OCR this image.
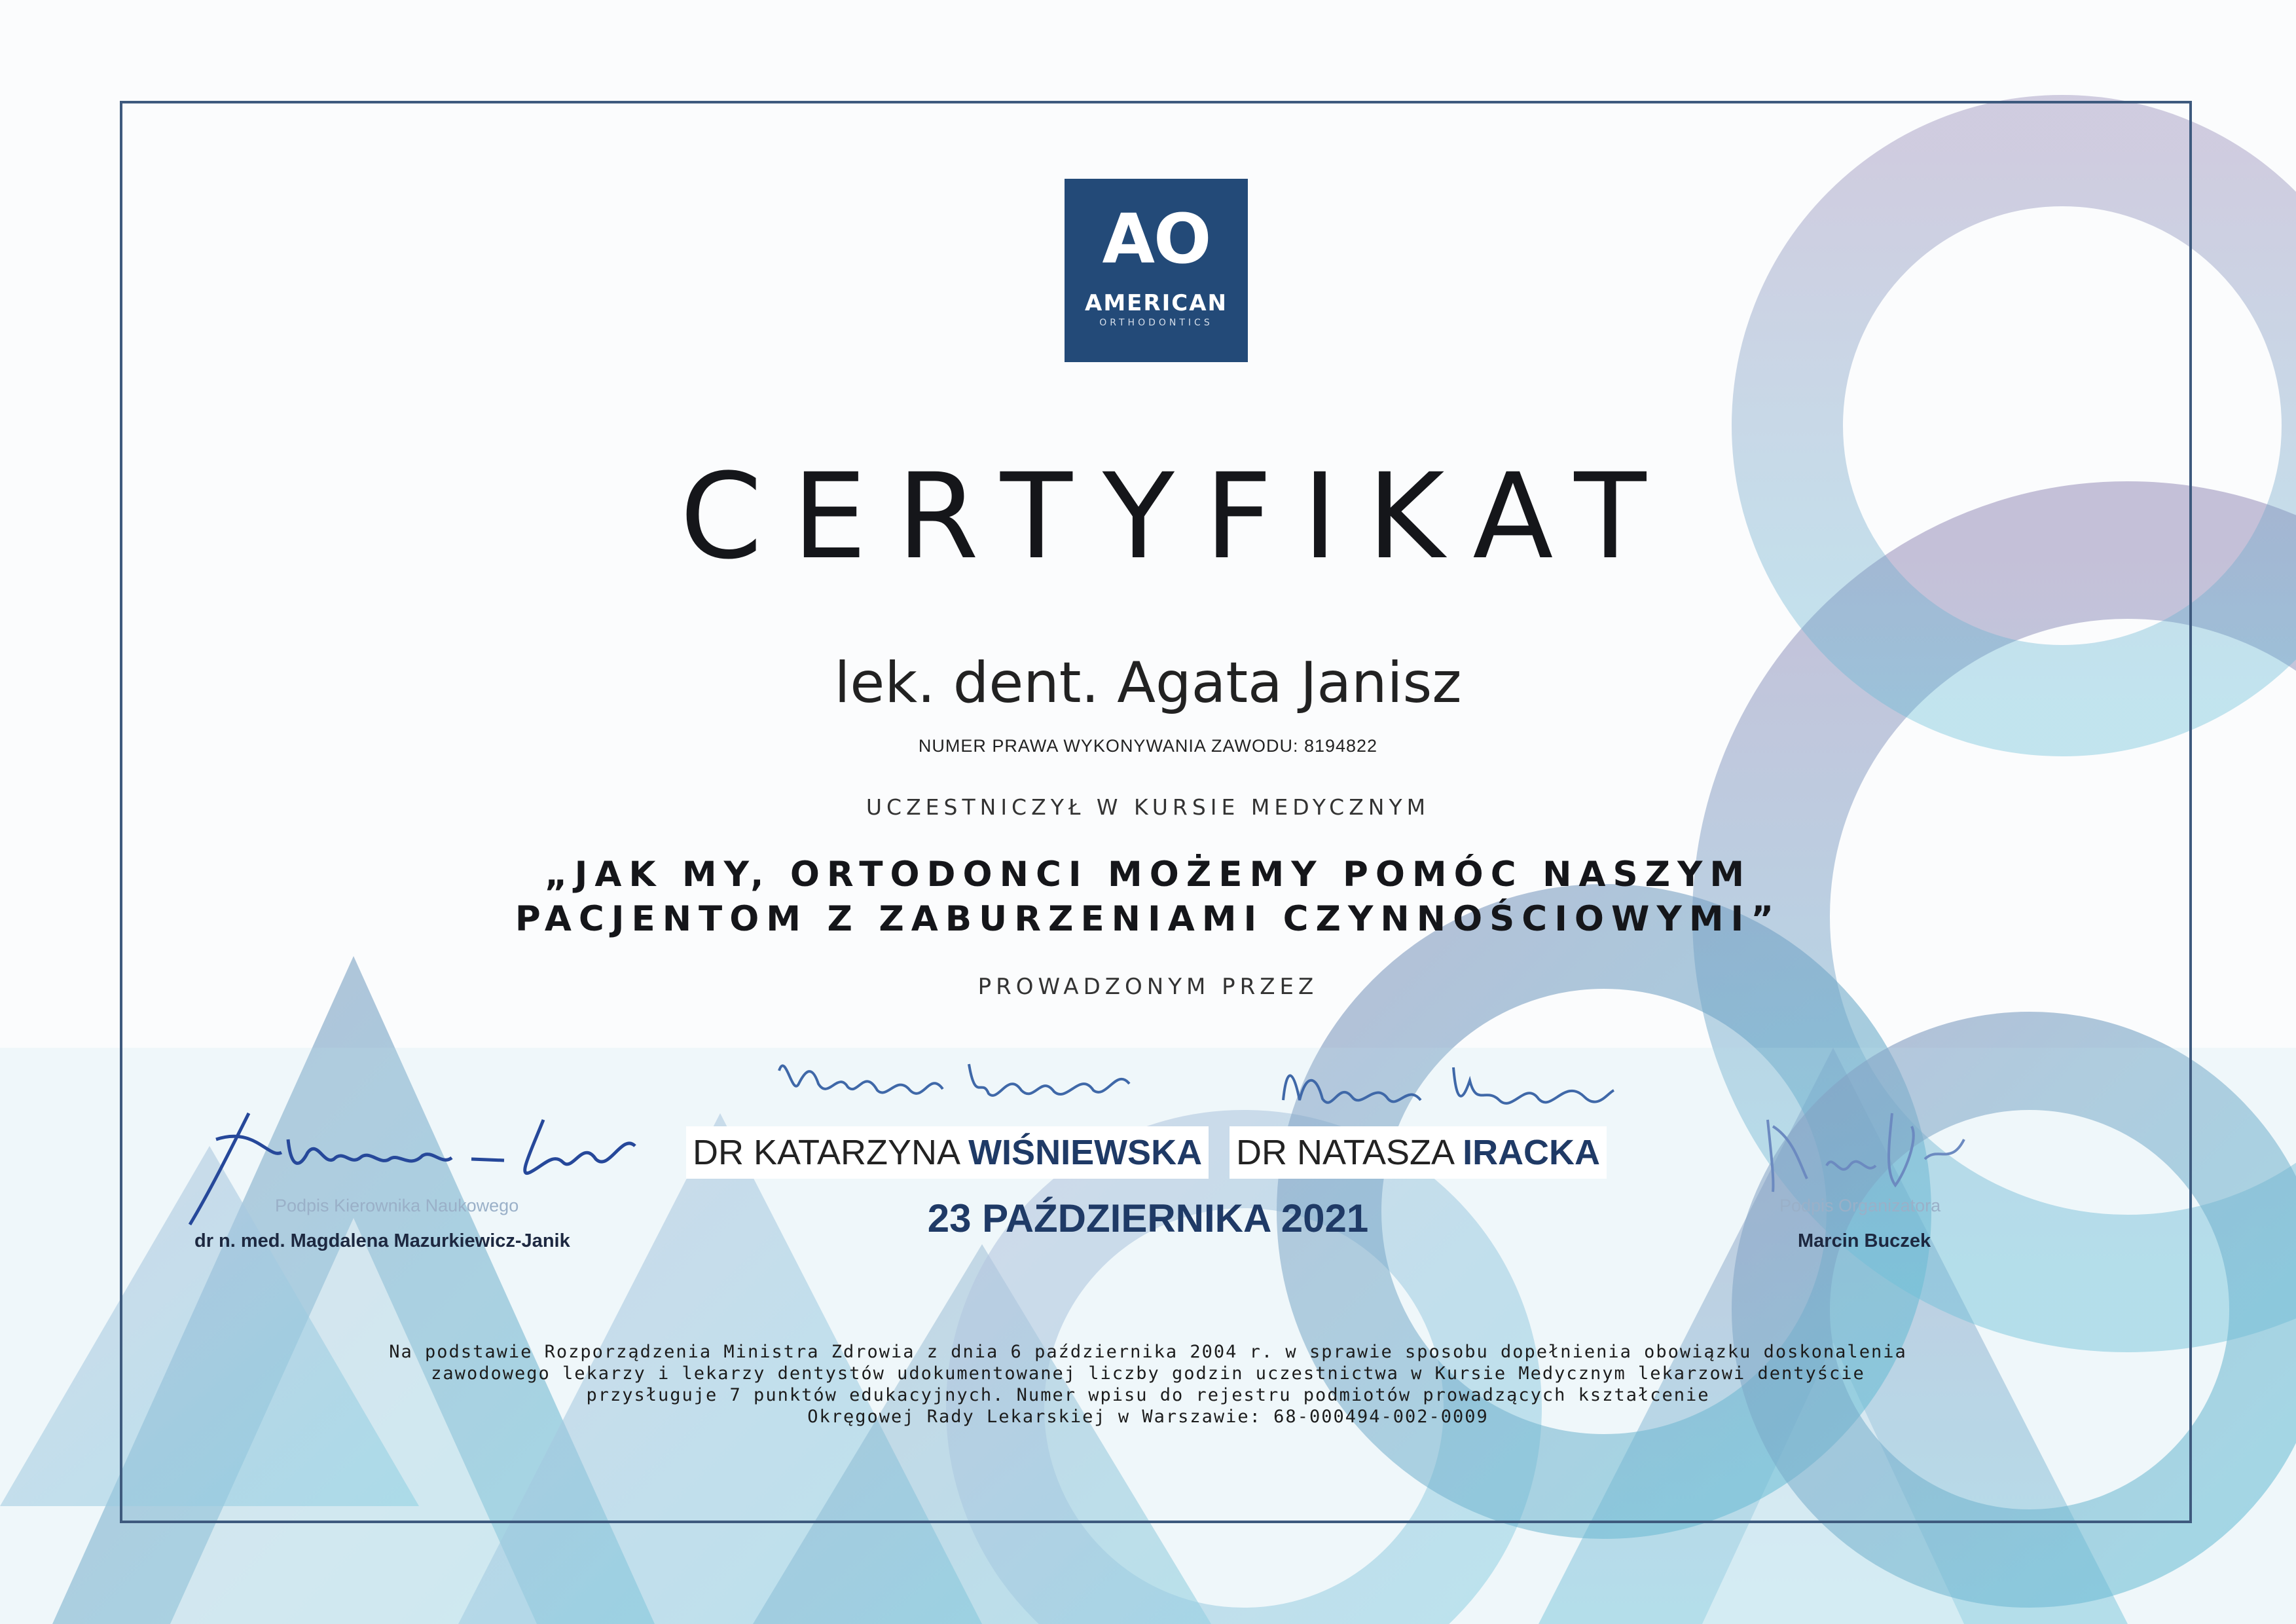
AO
AMERICAN
ORTHODONTICS
CERTYFIKAT
lek. dent. Agata Janisz
NUMER PRAWA WYKONYWANIA ZAWODU: 8194822
UCZESTNICZYŁ W KURSIE MEDYCZNYM
„JAK MY, ORTODONCI MOŻEMY POMÓC NASZYM
PACJENTOM Z ZABURZENIAMI CZYNNOŚCIOWYMI”
PROWADZONYM PRZEZ
DR KATARZYNA WIŚNIEWSKA DR NATASZA IRACKA
23 PAŹDZIERNIKA 2021
Podpis Kierownika Naukowego
dr n. med. Magdalena Mazurkiewicz-Janik
Podpis Organizatora
Marcin Buczek
Na podstawie Rozporządzenia Ministra Zdrowia z dnia 6 października 2004 r. w sprawie sposobu dopełnienia obowiązku doskonalenia
zawodowego lekarzy i lekarzy dentystów udokumentowanej liczby godzin uczestnictwa w Kursie Medycznym lekarzowi dentyście
przysługuje 7 punktów edukacyjnych. Numer wpisu do rejestru podmiotów prowadzących kształcenie
Okręgowej Rady Lekarskiej w Warszawie: 68-000494-002-0009
